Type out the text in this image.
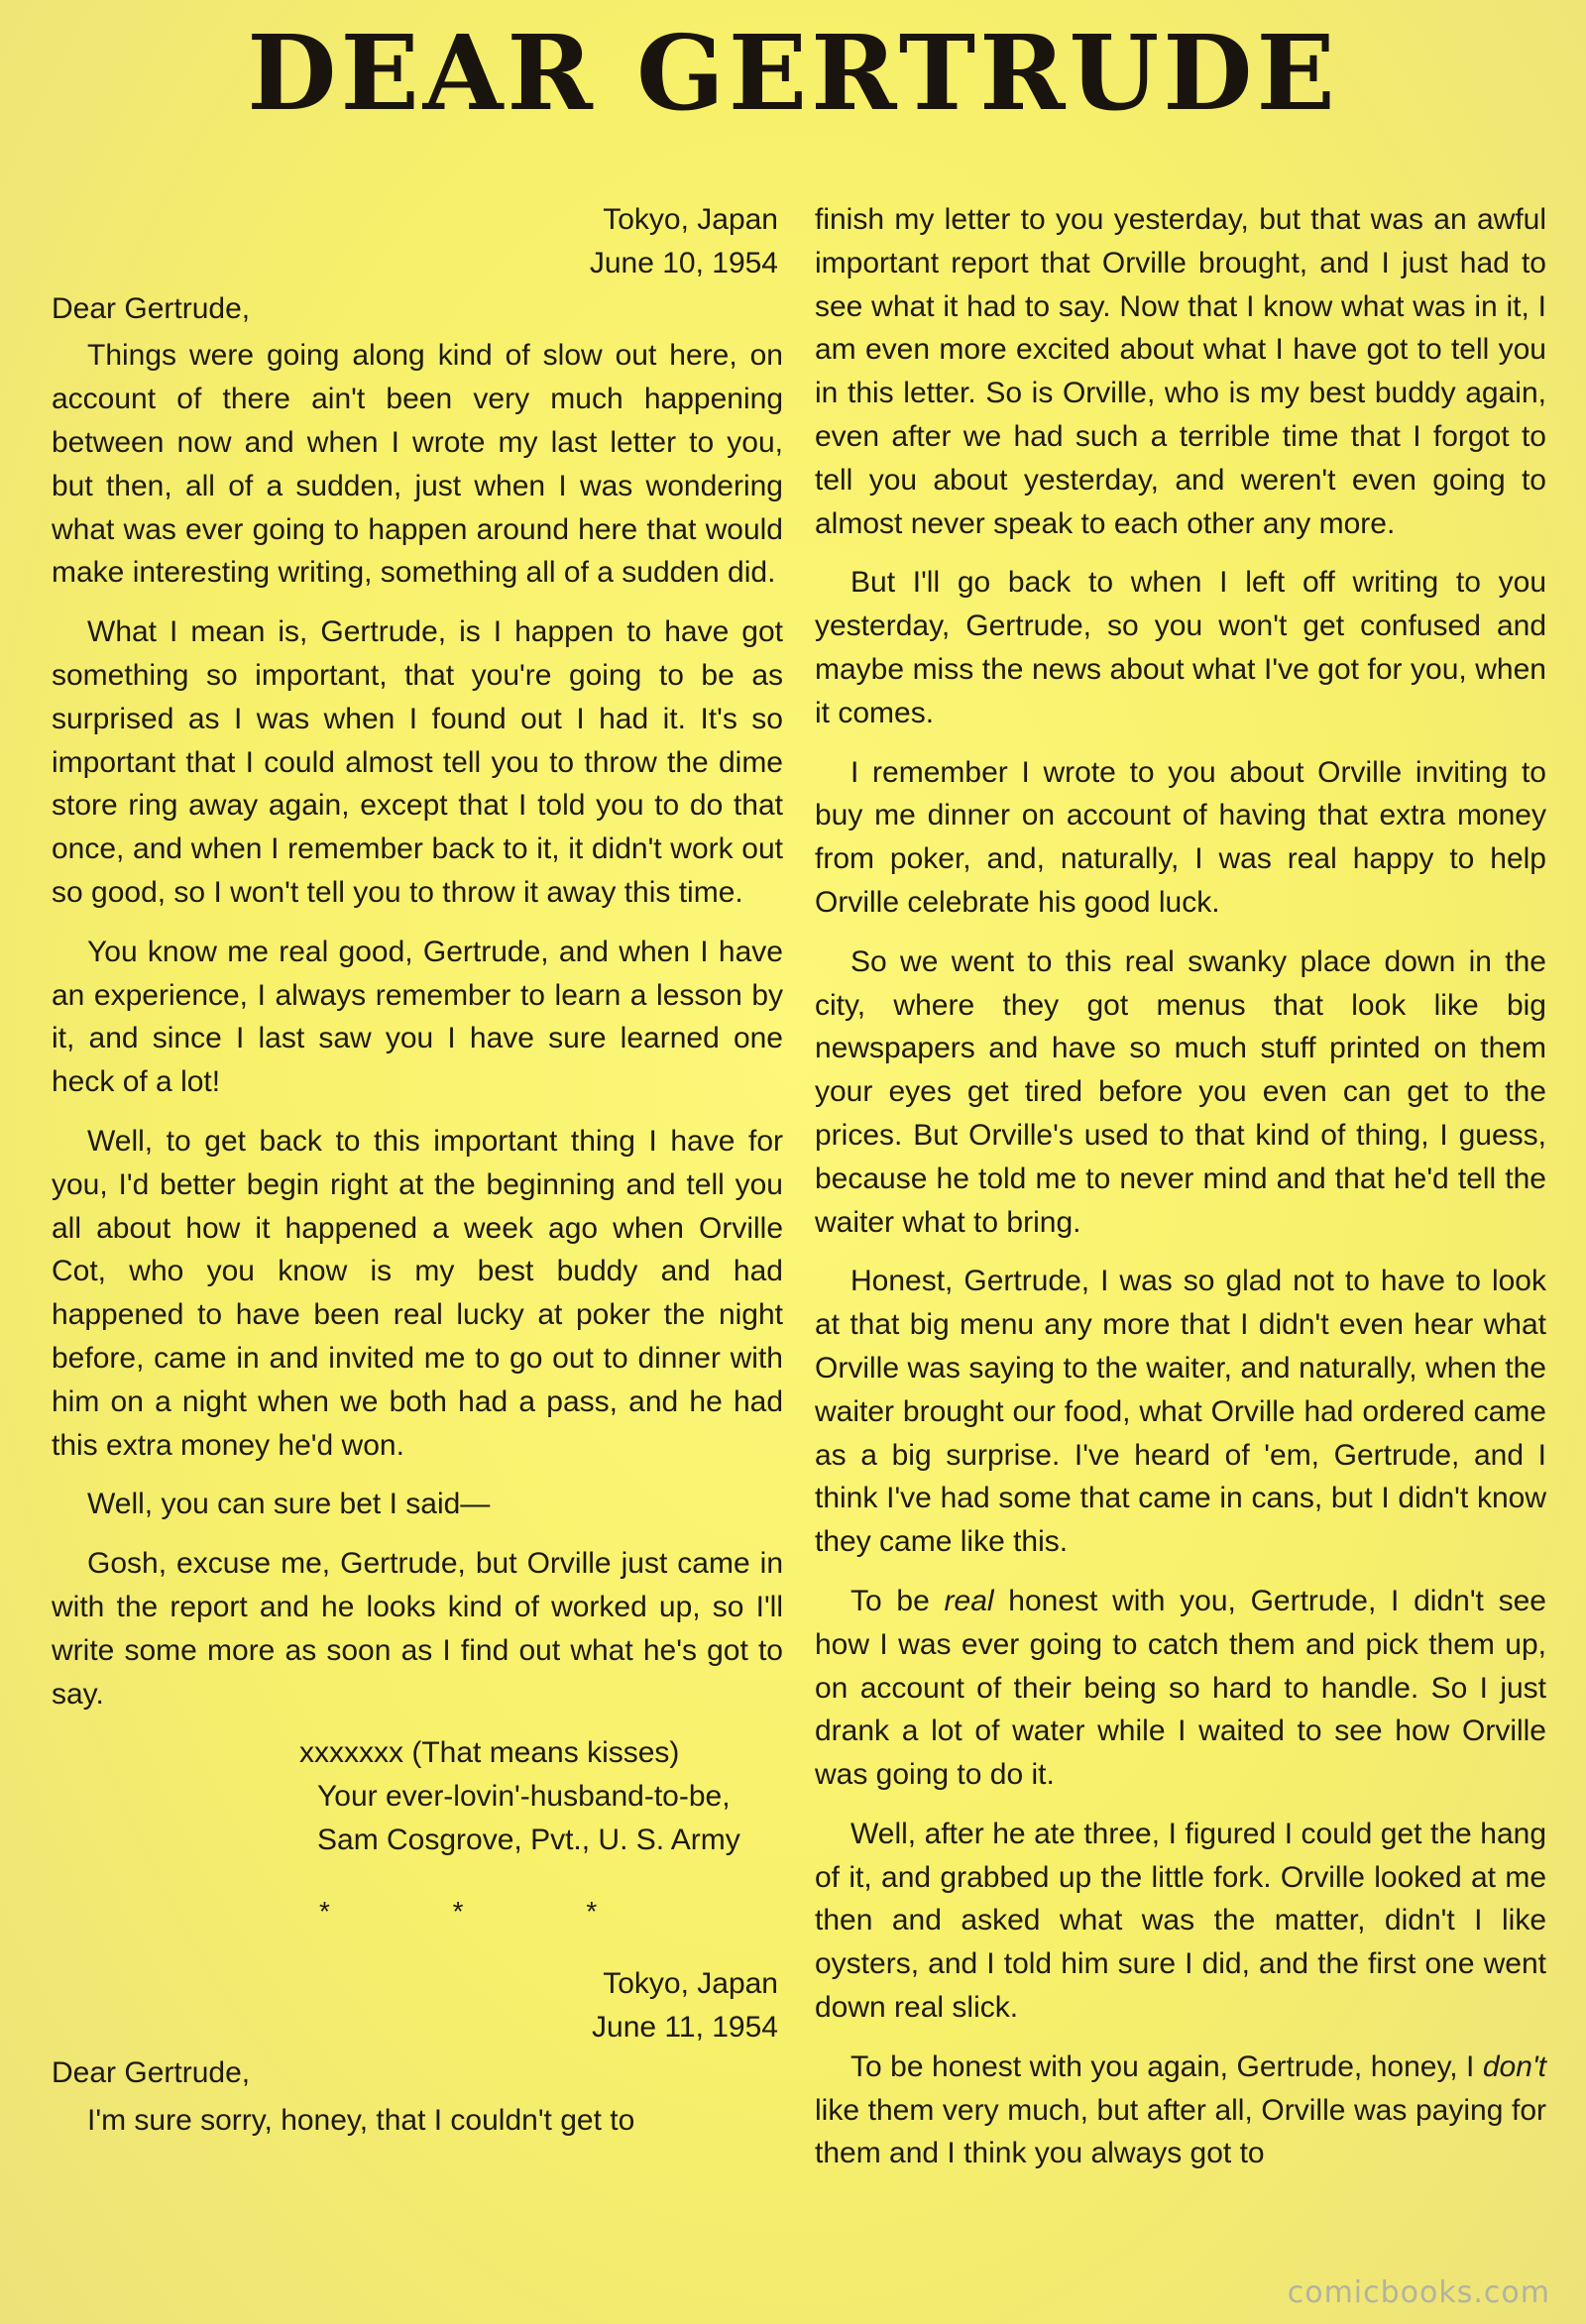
DEAR GERTRUDE
Tokyo, Japan
June 10, 1954
Dear Gertrude,

Things were going along kind of slow out here, on account of there ain't been very much happening between now and when I wrote my last letter to you, but then, all of a sudden, just when I was wondering what was ever going to happen around here that would make interesting writing, something all of a sudden did.

What I mean is, Gertrude, is I happen to have got something so important, that you're going to be as surprised as I was when I found out I had it. It's so important that I could almost tell you to throw the dime store ring away again, except that I told you to do that once, and when I remember back to it, it didn't work out so good, so I won't tell you to throw it away this time.

You know me real good, Gertrude, and when I have an experience, I always remember to learn a lesson by it, and since I last saw you I have sure learned one heck of a lot!

Well, to get back to this important thing I have for you, I'd better begin right at the beginning and tell you all about how it happened a week ago when Orville Cot, who you know is my best buddy and had happened to have been real lucky at poker the night before, came in and invited me to go out to dinner with him on a night when we both had a pass, and he had this extra money he'd won.

Well, you can sure bet I said—

Gosh, excuse me, Gertrude, but Orville just came in with the report and he looks kind of worked up, so I'll write some more as soon as I find out what he's got to say.

xxxxxxx (That means kisses)
Your ever-lovin'-husband-to-be,
Sam Cosgrove, Pvt., U. S. Army
* * *
Tokyo, Japan
June 11, 1954
Dear Gertrude,

I'm sure sorry, honey, that I couldn't get to

finish my letter to you yesterday, but that was an awful important report that Orville brought, and I just had to see what it had to say. Now that I know what was in it, I am even more excited about what I have got to tell you in this letter. So is Orville, who is my best buddy again, even after we had such a terrible time that I forgot to tell you about yesterday, and weren't even going to almost never speak to each other any more.

But I'll go back to when I left off writing to you yesterday, Gertrude, so you won't get confused and maybe miss the news about what I've got for you, when it comes.

I remember I wrote to you about Orville inviting to buy me dinner on account of having that extra money from poker, and, naturally, I was real happy to help Orville celebrate his good luck.

So we went to this real swanky place down in the city, where they got menus that look like big newspapers and have so much stuff printed on them your eyes get tired before you even can get to the prices. But Orville's used to that kind of thing, I guess, because he told me to never mind and that he'd tell the waiter what to bring.

Honest, Gertrude, I was so glad not to have to look at that big menu any more that I didn't even hear what Orville was saying to the waiter, and naturally, when the waiter brought our food, what Orville had ordered came as a big surprise. I've heard of 'em, Gertrude, and I think I've had some that came in cans, but I didn't know they came like this.

To be real honest with you, Gertrude, I didn't see how I was ever going to catch them and pick them up, on account of their being so hard to handle. So I just drank a lot of water while I waited to see how Orville was going to do it.

Well, after he ate three, I figured I could get the hang of it, and grabbed up the little fork. Orville looked at me then and asked what was the matter, didn't I like oysters, and I told him sure I did, and the first one went down real slick.

To be honest with you again, Gertrude, honey, I don't like them very much, but after all, Orville was paying for them and I think you always got to

comicbooks.com
